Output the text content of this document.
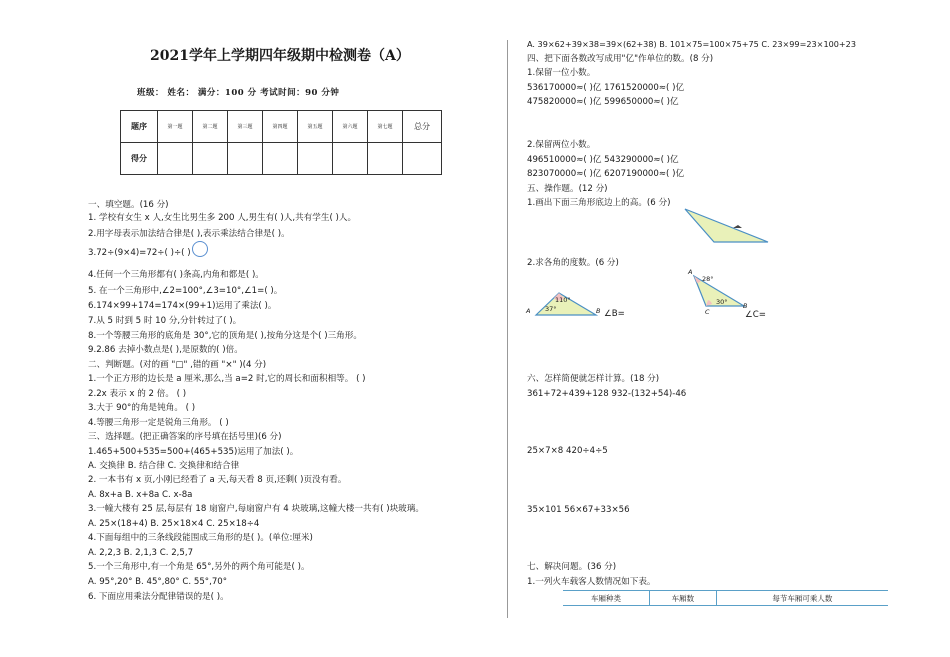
2021学年上学期四年级期中检测卷（A）
班级： 姓名： 满分：100 分 考试时间：90 分钟
题序	第一题	第二题	第三题	第四题	第五题	第六题	第七题	总分
得分								
一、填空题。(16 分)
1. 学校有女生 x 人,女生比男生多 200 人,男生有( )人,共有学生( )人。
2.用字母表示加法结合律是( ),表示乘法结合律是( )。
3.72÷(9×4)=72÷( )÷( )
4.任何一个三角形都有( )条高,内角和都是( )。
5. 在一个三角形中,∠2=100°,∠3=10°,∠1=( )。
6.174×99+174=174×(99+1)运用了乘法( )。
7.从 5 时到 5 时 10 分,分针转过了( )。
8.一个等腰三角形的底角是 30°,它的顶角是( ),按角分这是个( )三角形。
9.2.86 去掉小数点是( ),是原数的( )倍。
二、判断题。(对的画 "□" ,错的画 "×" )(4 分)
1.一个正方形的边长是 a 厘米,那么,当 a=2 时,它的周长和面积相等。 ( )
2.2x 表示 x 的 2 倍。 ( )
3.大于 90°的角是钝角。 ( )
4.等腰三角形一定是锐角三角形。 ( )
三、选择题。(把正确答案的序号填在括号里)(6 分)
1.465+500+535=500+(465+535)运用了加法( )。
A. 交换律 B. 结合律 C. 交换律和结合律
2. 一本书有 x 页,小刚已经看了 a 天,每天看 8 页,还剩( )页没有看。
A. 8x+a B. x+8a C. x-8a
3.一幢大楼有 25 层,每层有 18 扇窗户,每扇窗户有 4 块玻璃,这幢大楼一共有( )块玻璃。
A. 25×(18+4) B. 25×18×4 C. 25×18÷4
4.下面每组中的三条线段能围成三角形的是( )。(单位:厘米)
A. 2,2,3 B. 2,1,3 C. 2,5,7
5.一个三角形中,有一个角是 65°,另外的两个角可能是( )。
A. 95°,20° B. 45°,80° C. 55°,70°
6. 下面应用乘法分配律错误的是( )。
A. 39×62+39×38=39×(62+38) B. 101×75=100×75+75 C. 23×99=23×100+23
四、把下面各数改写成用"亿"作单位的数。(8 分)
1.保留一位小数。
536170000≈( )亿 1761520000≈( )亿
475820000≈( )亿 599650000≈( )亿
2.保留两位小数。
496510000≈( )亿 543290000≈( )亿
823070000≈( )亿 6207190000≈( )亿
五、操作题。(12 分)
1.画出下面三角形底边上的高。(6 分)
2.求各角的度数。(6 分)
A 37°
110°
B ∠B=
A
28°
30° B
C	∠C=
六、怎样简便就怎样计算。(18 分)
361+72+439+128 932-(132+54)-46
25×7×8 420÷4÷5
35×101 56×67+33×56
七、解决问题。(36 分)
1.一列火车载客人数情况如下表。
车厢种类	车厢数	每节车厢可乘人数
